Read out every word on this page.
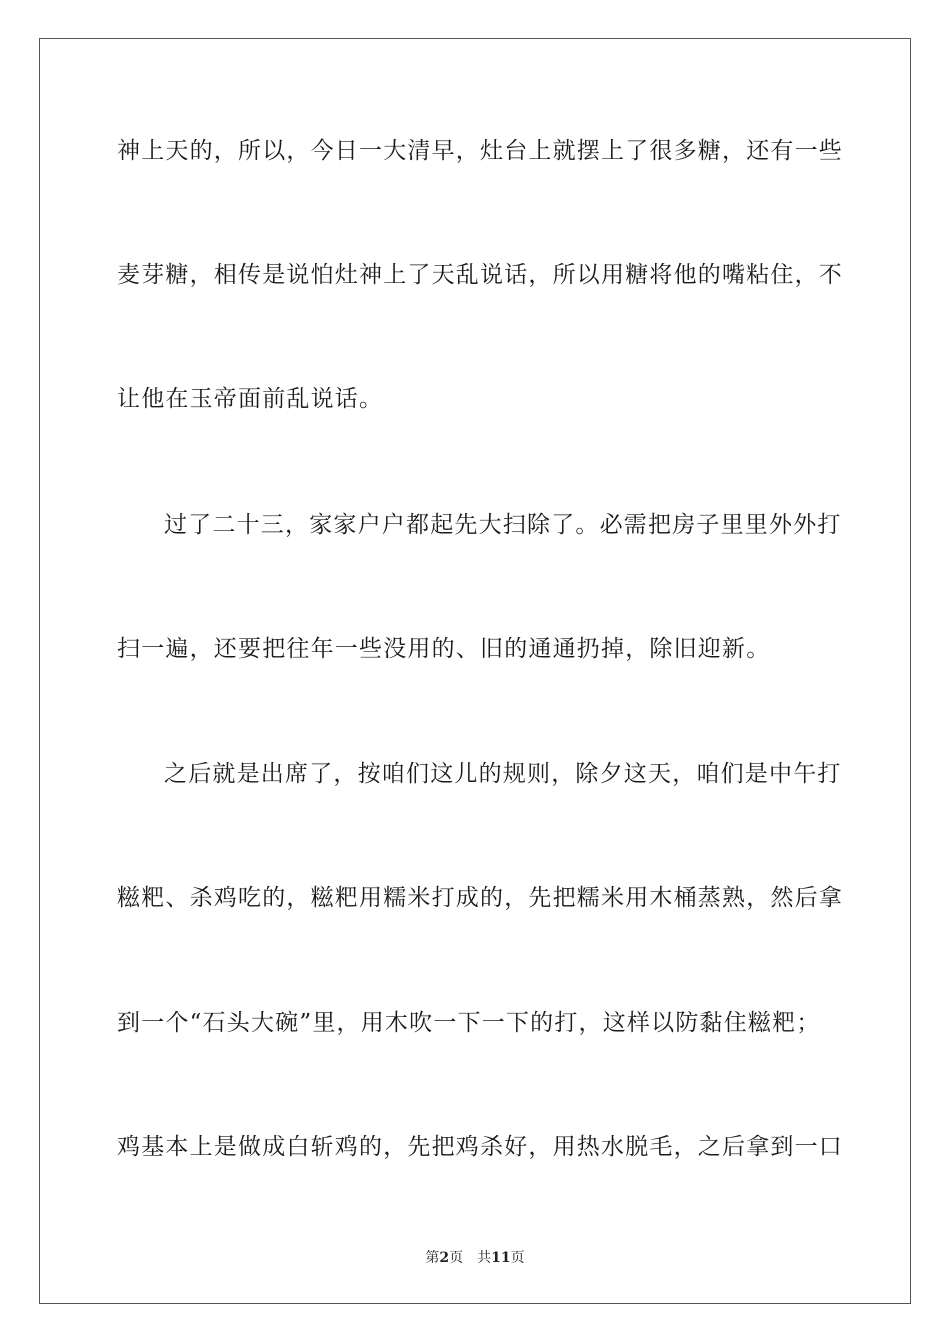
神上天的，所以，今日一大清早，灶台上就摆上了很多糖，还有一些
麦芽糖，相传是说怕灶神上了天乱说话，所以用糖将他的嘴粘住，不
让他在玉帝面前乱说话。
过了二十三，家家户户都起先大扫除了。必需把房子里里外外打
扫一遍，还要把往年一些没用的、旧的通通扔掉，除旧迎新。
之后就是出席了，按咱们这儿的规则，除夕这天，咱们是中午打
糍粑、杀鸡吃的，糍粑用糯米打成的，先把糯米用木桶蒸熟，然后拿
到一个“石头大碗”里，用木吹一下一下的打，这样以防黏住糍粑；
鸡基本上是做成白斩鸡的，先把鸡杀好，用热水脱毛，之后拿到一口
第2页 共11页
